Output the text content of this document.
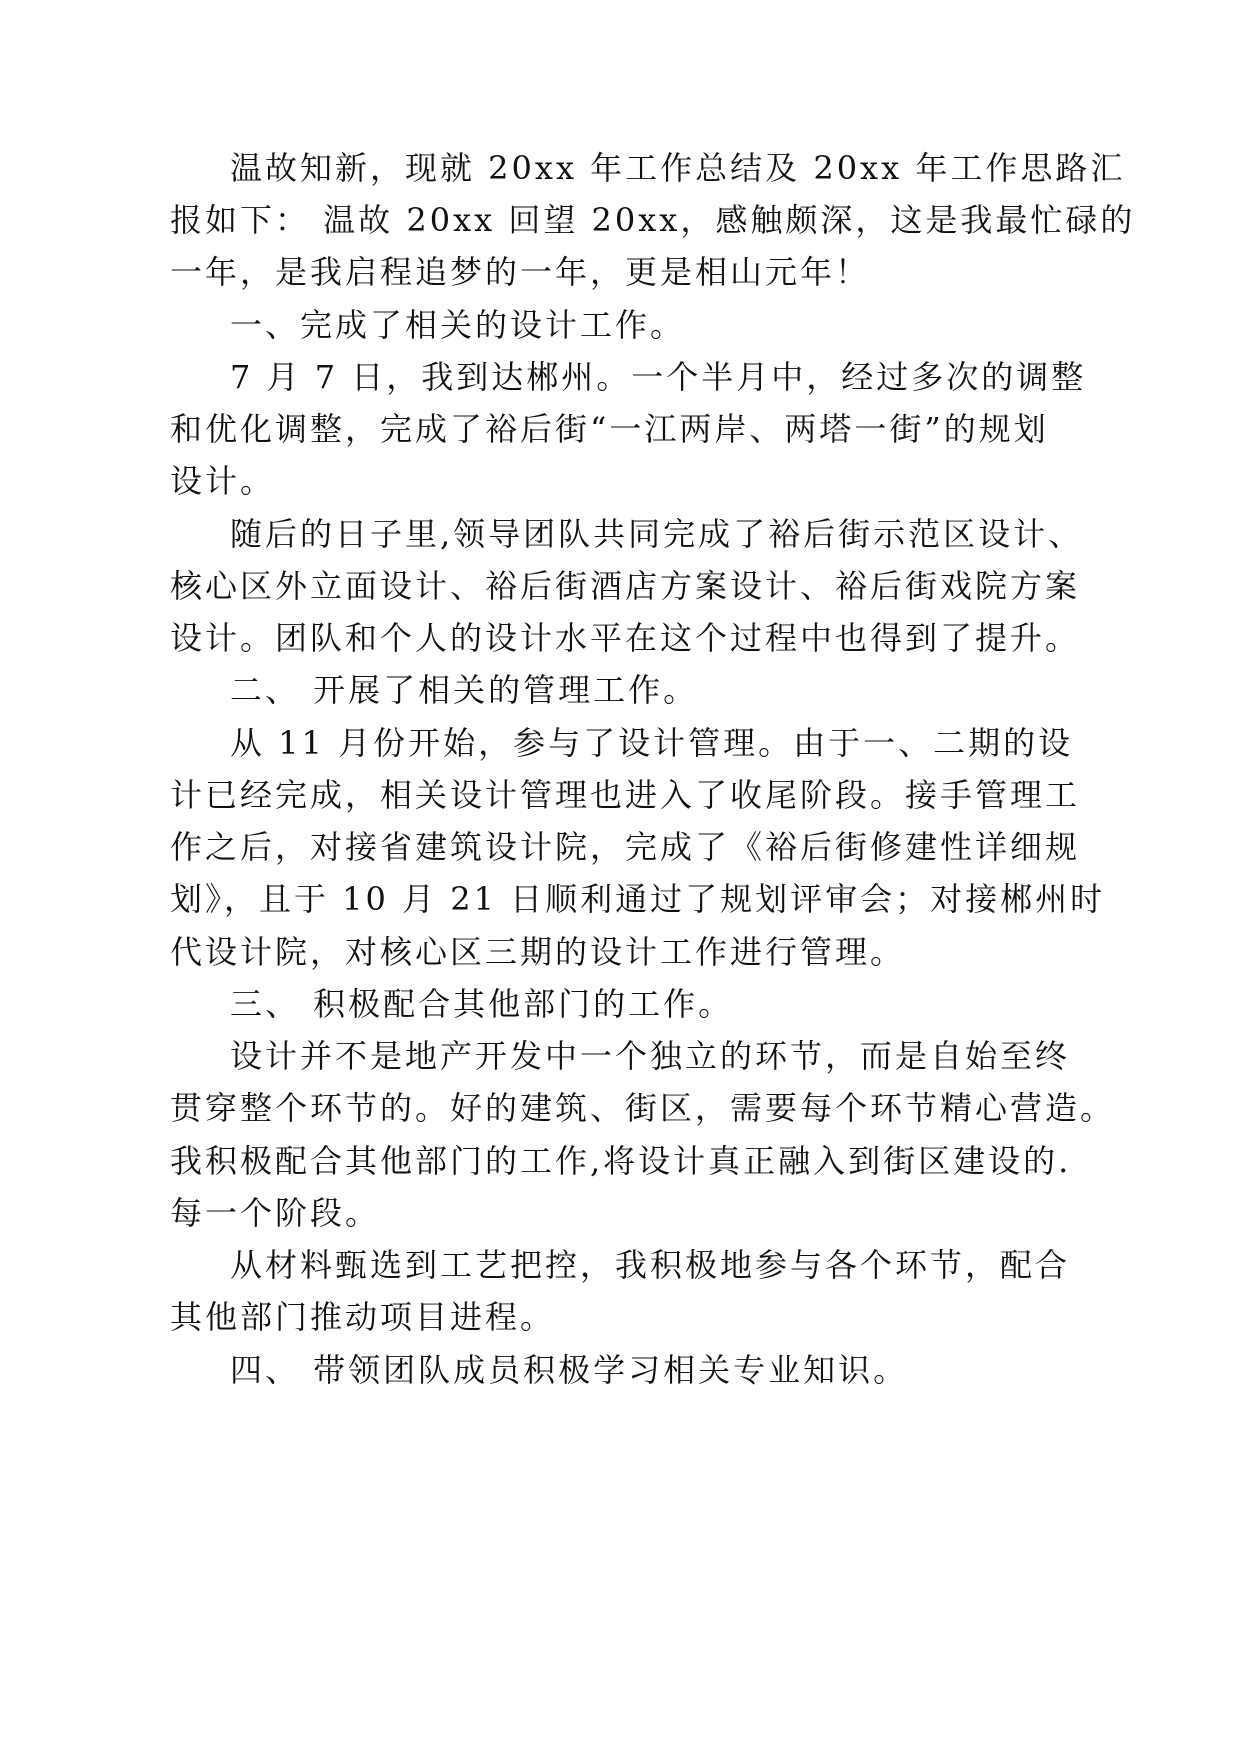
温故知新，现就 20xx 年工作总结及 20xx 年工作思路汇
报如下： 温故 20xx 回望 20xx，感触颇深，这是我最忙碌的
一年，是我启程追梦的一年，更是相山元年！
一、完成了相关的设计工作。
7 月 7 日，我到达郴州。一个半月中，经过多次的调整
和优化调整，完成了裕后街“一江两岸、两塔一街”的规划
设计。
随后的日子里,领导团队共同完成了裕后街示范区设计、
核心区外立面设计、裕后街酒店方案设计、裕后街戏院方案
设计。团队和个人的设计水平在这个过程中也得到了提升。
二、 开展了相关的管理工作。
从 11 月份开始，参与了设计管理。由于一、二期的设
计已经完成，相关设计管理也进入了收尾阶段。接手管理工
作之后，对接省建筑设计院，完成了《裕后街修建性详细规
划》，且于 10 月 21 日顺利通过了规划评审会；对接郴州时
代设计院，对核心区三期的设计工作进行管理。
三、 积极配合其他部门的工作。
设计并不是地产开发中一个独立的环节，而是自始至终
贯穿整个环节的。好的建筑、街区，需要每个环节精心营造。
我积极配合其他部门的工作,将设计真正融入到街区建设的.
每一个阶段。
从材料甄选到工艺把控，我积极地参与各个环节，配合
其他部门推动项目进程。
四、 带领团队成员积极学习相关专业知识。
